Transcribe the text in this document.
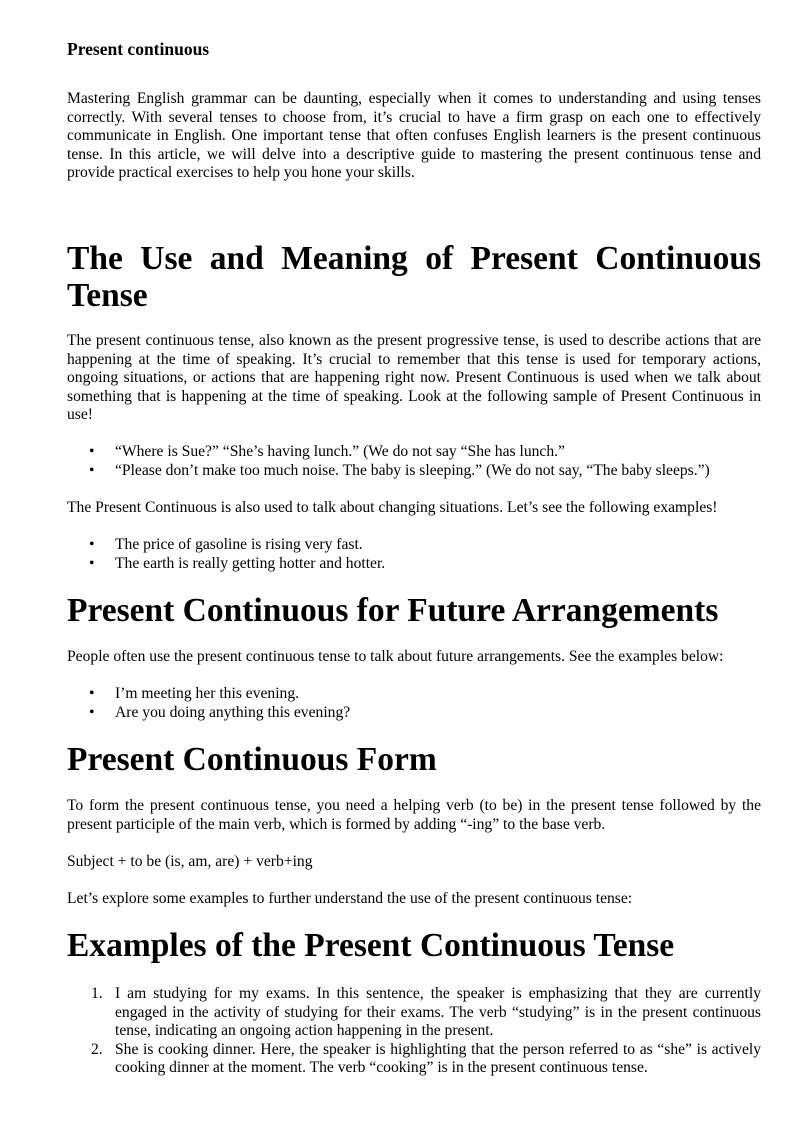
Present continuous

Mastering English grammar can be daunting, especially when it comes to understanding and using tenses correctly. With several tenses to choose from, it’s crucial to have a firm grasp on each one to effectively communicate in English. One important tense that often confuses English learners is the present continuous tense. In this article, we will delve into a descriptive guide to mastering the present continuous tense and provide practical exercises to help you hone your skills.

The Use and Meaning of Present Continuous Tense

The present continuous tense, also known as the present progressive tense, is used to describe actions that are happening at the time of speaking. It’s crucial to remember that this tense is used for temporary actions, ongoing situations, or actions that are happening right now. Present Continuous is used when we talk about something that is happening at the time of speaking. Look at the following sample of Present Continuous in use!

• “Where is Sue?” “She’s having lunch.” (We do not say “She has lunch.”
• “Please don’t make too much noise. The baby is sleeping.” (We do not say, “The baby sleeps.”)

The Present Continuous is also used to talk about changing situations. Let’s see the following examples!

• The price of gasoline is rising very fast.
• The earth is really getting hotter and hotter.
Present Continuous for Future Arrangements

People often use the present continuous tense to talk about future arrangements. See the examples below:

• I’m meeting her this evening.
• Are you doing anything this evening?
Present Continuous Form

To form the present continuous tense, you need a helping verb (to be) in the present tense followed by the present participle of the main verb, which is formed by adding “-ing” to the base verb.

Subject + to be (is, am, are) + verb+ing

Let’s explore some examples to further understand the use of the present continuous tense:

Examples of the Present Continuous Tense
1. I am studying for my exams. In this sentence, the speaker is emphasizing that they are currently engaged in the activity of studying for their exams. The verb “studying” is in the present continuous tense, indicating an ongoing action happening in the present.
2. She is cooking dinner. Here, the speaker is highlighting that the person referred to as “she” is actively cooking dinner at the moment. The verb “cooking” is in the present continuous tense.
